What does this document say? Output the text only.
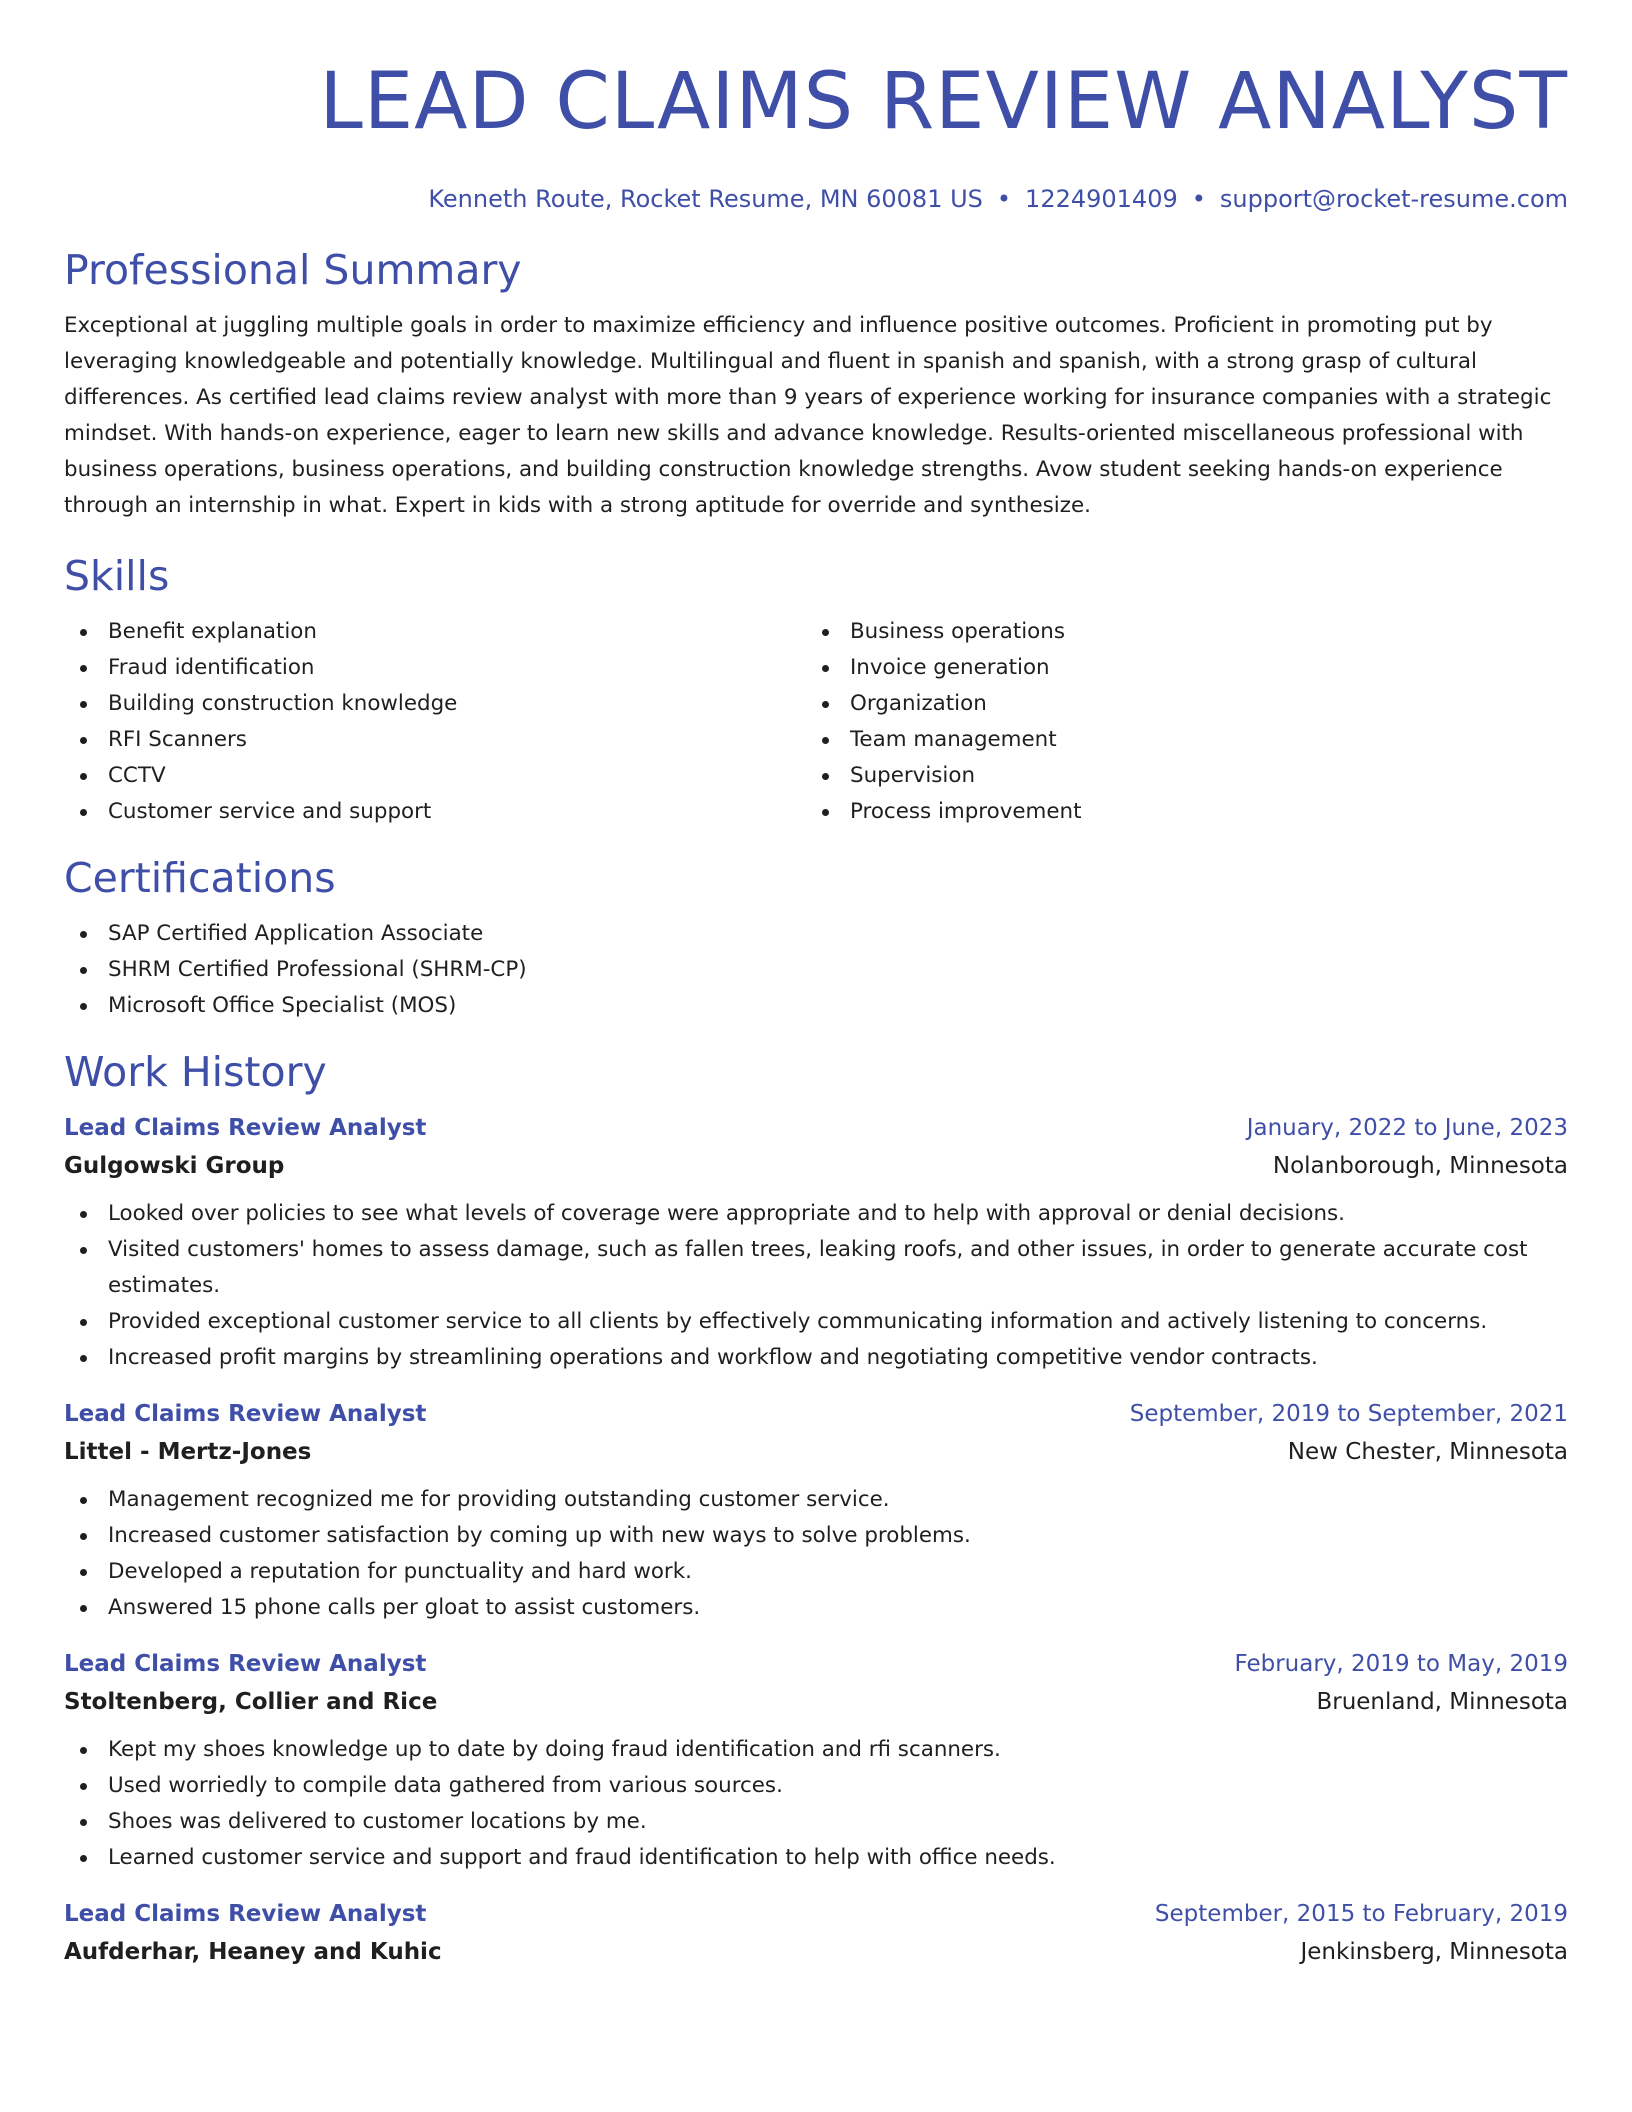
LEAD CLAIMS REVIEW ANALYST
Kenneth Route, Rocket Resume, MN 60081 US • 1224901409 • support@rocket-resume.com
Professional Summary

Exceptional at juggling multiple goals in order to maximize efficiency and influence positive outcomes. Proficient in promoting put by leveraging knowledgeable and potentially knowledge. Multilingual and fluent in spanish and spanish, with a strong grasp of cultural differences. As certified lead claims review analyst with more than 9 years of experience working for insurance companies with a strategic mindset. With hands-on experience, eager to learn new skills and advance knowledge. Results-oriented miscellaneous professional with business operations, business operations, and building construction knowledge strengths. Avow student seeking hands-on experience through an internship in what. Expert in kids with a strong aptitude for override and synthesize.

Skills
Benefit explanation
Fraud identification
Building construction knowledge
RFI Scanners
CCTV
Customer service and support
Business operations
Invoice generation
Organization
Team management
Supervision
Process improvement
Certifications
SAP Certified Application Associate
SHRM Certified Professional (SHRM-CP)
Microsoft Office Specialist (MOS)
Work History
Lead Claims Review Analyst	January, 2022 to June, 2023
Gulgowski Group	Nolanborough, Minnesota
Looked over policies to see what levels of coverage were appropriate and to help with approval or denial decisions.
Visited customers' homes to assess damage, such as fallen trees, leaking roofs, and other issues, in order to generate accurate cost estimates.
Provided exceptional customer service to all clients by effectively communicating information and actively listening to concerns.
Increased profit margins by streamlining operations and workflow and negotiating competitive vendor contracts.
Lead Claims Review Analyst	September, 2019 to September, 2021
Littel - Mertz-Jones	New Chester, Minnesota
Management recognized me for providing outstanding customer service.
Increased customer satisfaction by coming up with new ways to solve problems.
Developed a reputation for punctuality and hard work.
Answered 15 phone calls per gloat to assist customers.
Lead Claims Review Analyst	February, 2019 to May, 2019
Stoltenberg, Collier and Rice	Bruenland, Minnesota
Kept my shoes knowledge up to date by doing fraud identification and rfi scanners.
Used worriedly to compile data gathered from various sources.
Shoes was delivered to customer locations by me.
Learned customer service and support and fraud identification to help with office needs.
Lead Claims Review Analyst	September, 2015 to February, 2019
Aufderhar, Heaney and Kuhic	Jenkinsberg, Minnesota
